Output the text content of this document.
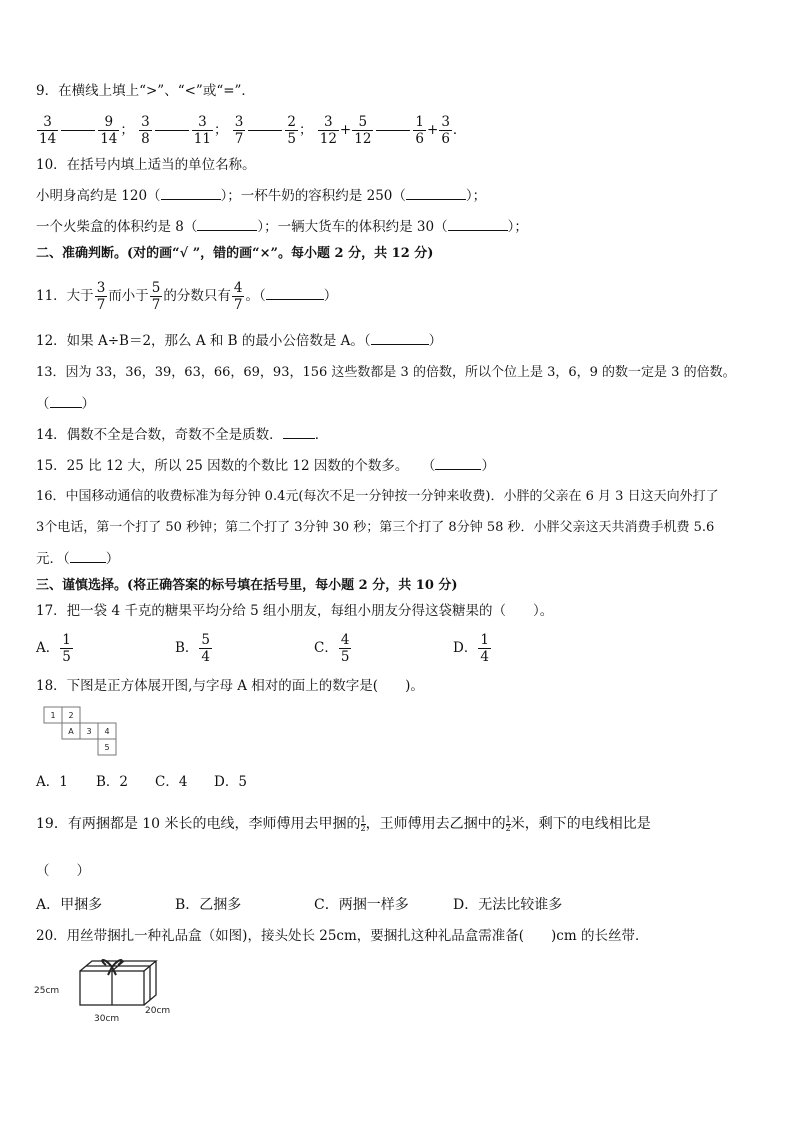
9．在横线上填上“>”、“<”或“=”．
$\frac{3}{14}$	$\frac{9}{14}$ ； $\frac{3}{8}$	$\frac{3}{11}$ ； $\frac{3}{7}$	$\frac{2}{5}$ ； $\frac{3}{12} + \frac{5}{12}$	$\frac{1}{6} + \frac{3}{6}$ ．
10．在括号内填上适当的单位名称。
小明身高约是 120（	）；一杯牛奶的容积约是 250（	）；
一个火柴盒的体积约是 8（	）；一辆大货车的体积约是 30（	）；
二、准确判断。(对的画“√ ”，错的画“×”。每小题 2 分，共 12 分)
11．大于 $\frac{3}{7}$ 而小于 $\frac{5}{7}$ 的分数只有 $\frac{4}{7}$ 。（	）
12．如果 A÷B＝2，那么 A 和 B 的最小公倍数是 A。（	）
13．因为 33，36，39，63，66，69，93，156 这些数都是 3 的倍数，所以个位上是 3，6，9 的数一定是 3 的倍数。
（ ）
14．偶数不全是合数，奇数不全是质数． ．
15．25 比 12 大，所以 25 因数的个数比 12 因数的个数多。　　（	）
16．中国移动通信的收费标准为每分钟 0.4元(每次不足一分钟按一分钟来收费)．小胖的父亲在 6 月 3 日这天向外打了
3个电话，第一个打了 50 秒钟；第二个打了 3分钟 30 秒；第三个打了 8分钟 58 秒．小胖父亲这天共消费手机费 5.6
元．（	）
三、谨慎选择。(将正确答案的标号填在括号里，每小题 2 分，共 10 分)
17．把一袋 4 千克的糖果平均分给 5 组小朋友，每组小朋友分得这袋糖果的（　　）。
A． $\frac{1}{5}$	B． $\frac{5}{4}$	C． $\frac{4}{5}$	D． $\frac{1}{4}$
18．下图是正方体展开图,与字母 A 相对的面上的数字是(　　)。
1 2
A 3 4
5
A．1 B．2 C．4 D．5
19．有两捆都是 10 米长的电线，李师傅用去甲捆的 $\frac{1}{2}$ ，王师傅用去乙捆中的 $\frac{1}{2}$ 米，剩下的电线相比是
（　　）
A．甲捆多	B．乙捆多	C．两捆一样多	D．无法比较谁多
20．用丝带捆扎一种礼品盒（如图)，接头处长 25cm，要捆扎这种礼品盒需准备(　　)cm 的长丝带．
25cm
30cm
20cm
